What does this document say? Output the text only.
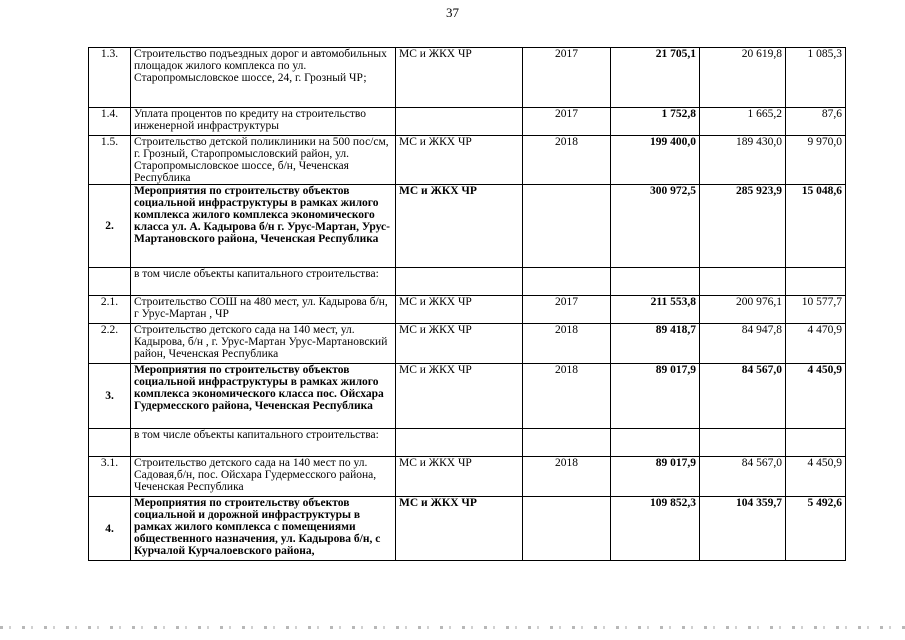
37
1.3.	Строительство подъездных дорог и автомобильных площадок жилого комплекса по ул. Старопромысловское шоссе, 24, г. Грозный ЧР;	МС и ЖКХ ЧР	2017	21 705,1	20 619,8	1 085,3
1.4.	Уплата процентов по кредиту на строительство инженерной инфраструктуры		2017	1 752,8	1 665,2	87,6
1.5.	Строительство детской поликлиники на 500 пос/см, г. Грозный, Старопромысловский район, ул. Старопромысловское шоссе, б/н, Чеченская Республика	МС и ЖКХ ЧР	2018	199 400,0	189 430,0	9 970,0
2.	Мероприятия по строительству объектов социальной инфраструктуры в рамках жилого комплекса жилого комплекса экономического класса ул. А. Кадырова б/н г. Урус-Мартан, Урус-Мартановского района, Чеченская Республика	МС и ЖКХ ЧР		300 972,5	285 923,9	15 048,6
	в том числе объекты капитального строительства:					
2.1.	Строительство СОШ на 480 мест, ул. Кадырова б/н, г Урус-Мартан , ЧР	МС и ЖКХ ЧР	2017	211 553,8	200 976,1	10 577,7
2.2.	Строительство детского сада на 140 мест, ул. Кадырова, б/н , г. Урус-Мартан Урус-Мартановский район, Чеченская Республика	МС и ЖКХ ЧР	2018	89 418,7	84 947,8	4 470,9
3.	Мероприятия по строительству объектов социальной инфраструктуры в рамках жилого комплекса экономического класса пос. Ойсхара Гудермесского района, Чеченская Республика	МС и ЖКХ ЧР	2018	89 017,9	84 567,0	4 450,9
	в том числе объекты капитального строительства:					
3.1.	Строительство детского сада на 140 мест по ул. Садовая,б/н, пос. Ойсхара Гудермесского района, Чеченская Республика	МС и ЖКХ ЧР	2018	89 017,9	84 567,0	4 450,9
4.	Мероприятия по строительству объектов социальной и дорожной инфраструктуры в рамках жилого комплекса с помещениями общественного назначения, ул. Кадырова б/н, с Курчалой Курчалоевского района,	МС и ЖКХ ЧР		109 852,3	104 359,7	5 492,6
